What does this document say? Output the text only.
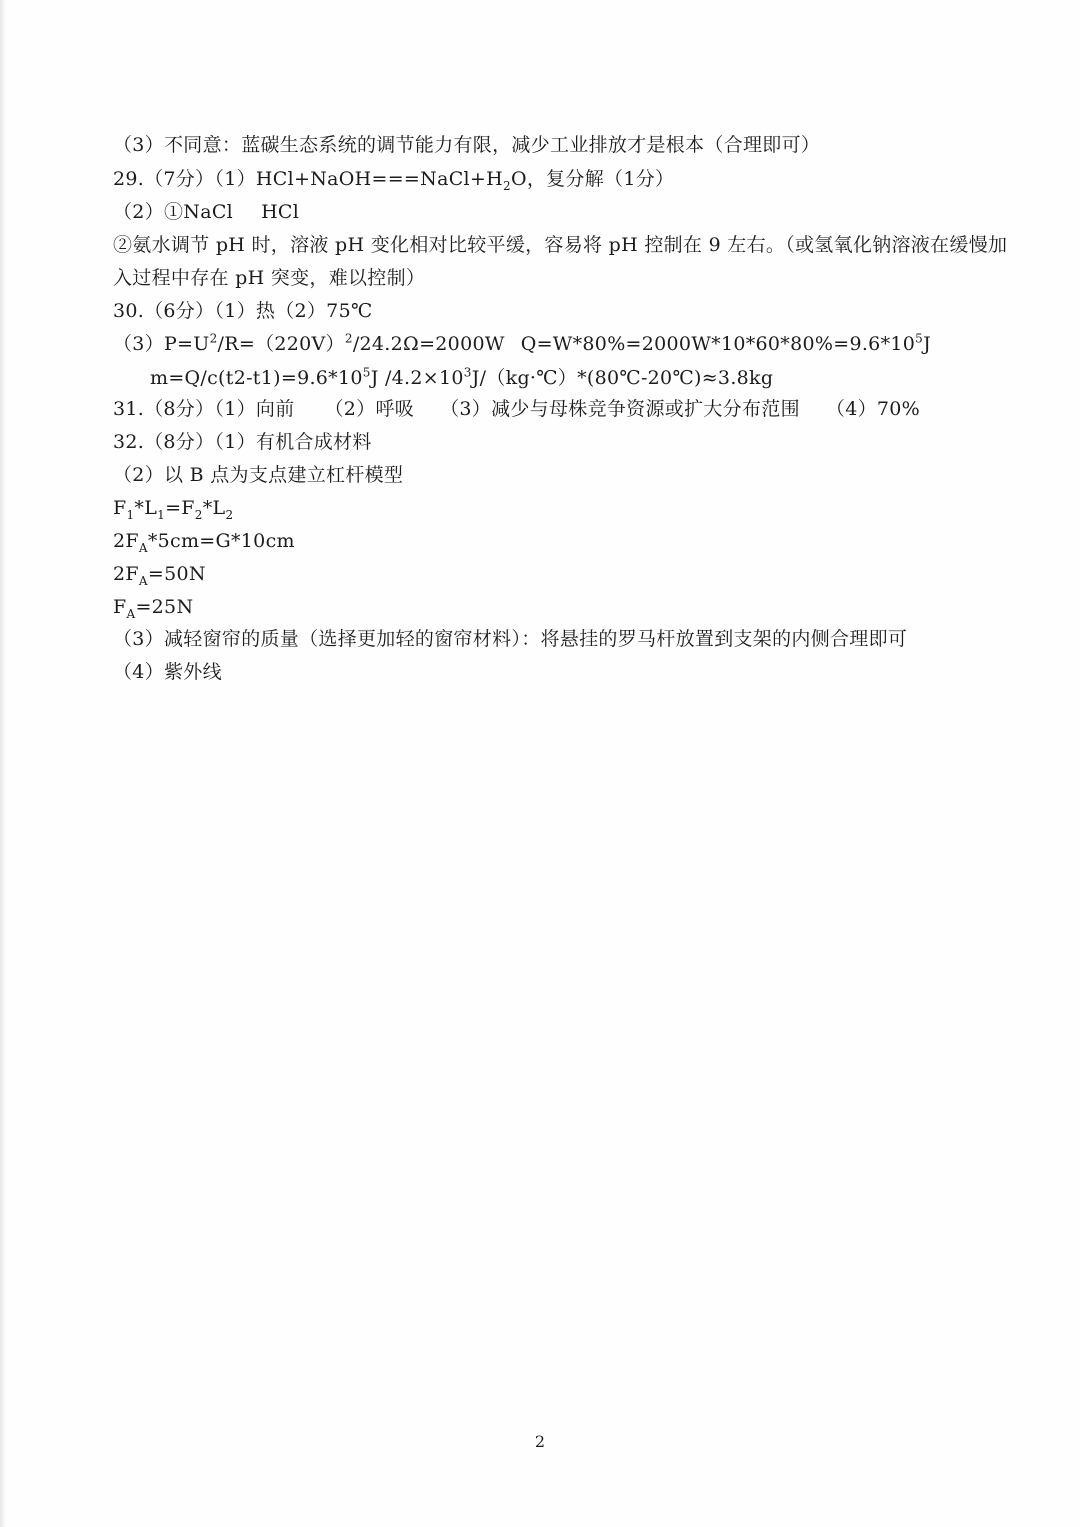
（3）不同意：蓝碳生态系统的调节能力有限，减少工业排放才是根本（合理即可）
29.（7分）$(1)HCl+NaOH===NaCl+H_2O$，复分解（1分）
（2）①NaCl HCl
②氨水调节 pH 时，溶液 pH 变化相对比较平缓，容易将 pH 控制在 9 左右。（或氢氧化钠溶液在缓慢加
入过程中存在 pH 突变，难以控制）
30.（6分）（1）热（2）75℃
$(3)P=U^2/R=(220V)^2/24.2\Omega=2000W$ $Q=W*80\%=2000W*10*60*80\%=9.6*10^5J$
$m=Q/c(t2-t1)=9.6*10^5J$ $/4.2\times 10^3J/(kg\cdot℃)*(80℃-20℃)\approx 3.8kg$
31.（8分）（1）向前 （2）呼吸 （3）减少与母株竞争资源或扩大分布范围 （4）70%
32.（8分）（1）有机合成材料
（2）以 B 点为支点建立杠杆模型
$F_1*L_1=F_2*L_2$
$2F_A*5cm=G*10cm$
$2F_A=50N$
$F_A=25N$
（3）减轻窗帘的质量（选择更加轻的窗帘材料）：将悬挂的罗马杆放置到支架的内侧合理即可
（4）紫外线
2
